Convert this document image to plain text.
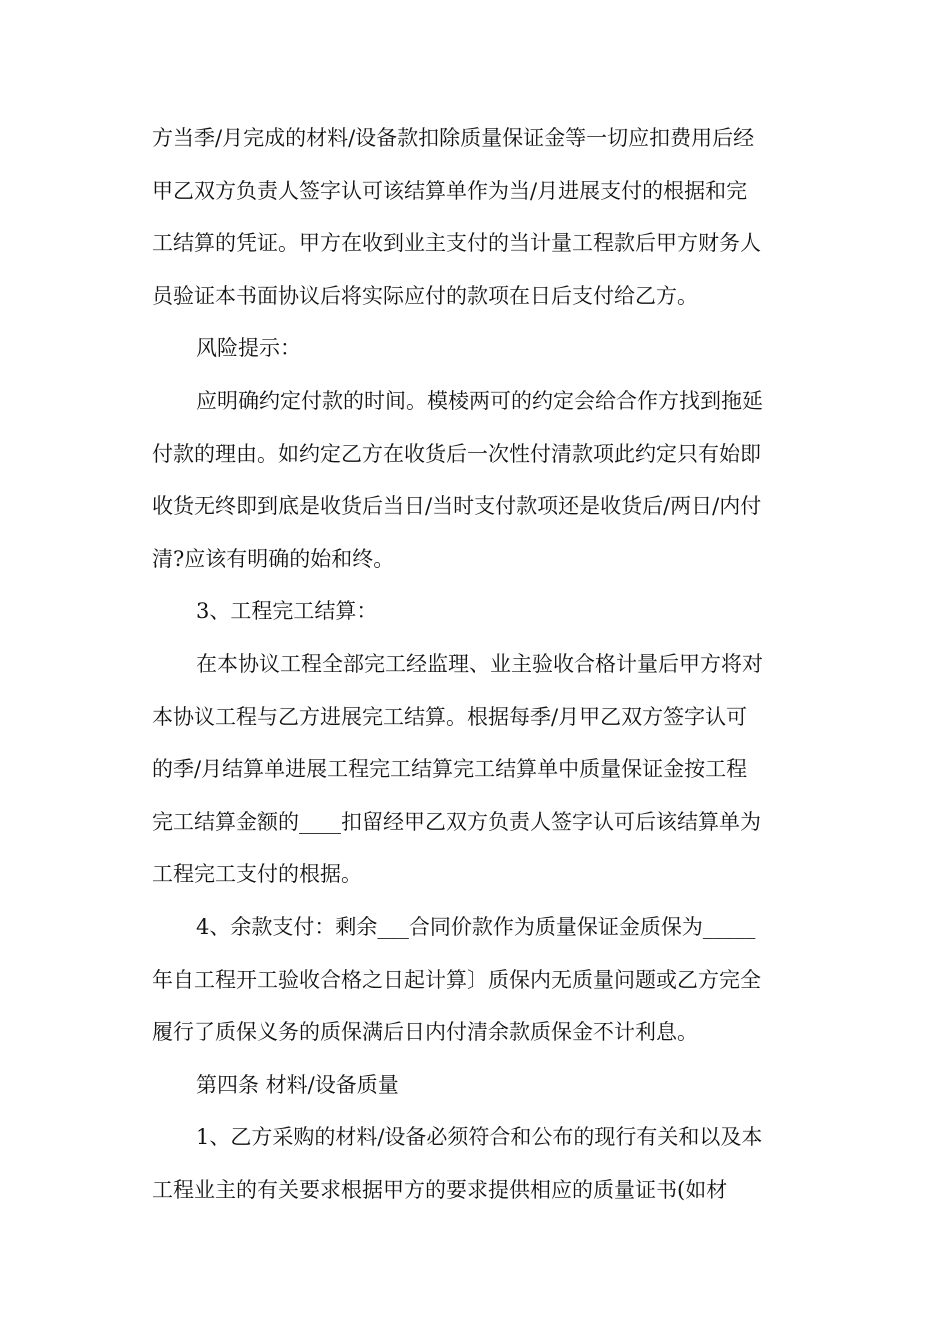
方当季/月完成的材料/设备款扣除质量保证金等一切应扣费用后经
甲乙双方负责人签字认可该结算单作为当/月进展支付的根据和完
工结算的凭证。甲方在收到业主支付的当计量工程款后甲方财务人
员验证本书面协议后将实际应付的款项在日后支付给乙方。
风险提示：
应明确约定付款的时间。模棱两可的约定会给合作方找到拖延
付款的理由。如约定乙方在收货后一次性付清款项此约定只有始即
收货无终即到底是收货后当日/当时支付款项还是收货后/两日/内付
清?应该有明确的始和终。
3、工程完工结算：
在本协议工程全部完工经监理、业主验收合格计量后甲方将对
本协议工程与乙方进展完工结算。根据每季/月甲乙双方签字认可
的季/月结算单进展工程完工结算完工结算单中质量保证金按工程
完工结算金额的____扣留经甲乙双方负责人签字认可后该结算单为
工程完工支付的根据。
4、余款支付：剩余___合同价款作为质量保证金质保为_____
年自工程开工验收合格之日起计算〕质保内无质量问题或乙方完全
履行了质保义务的质保满后日内付清余款质保金不计利息。
第四条 材料/设备质量
1、乙方采购的材料/设备必须符合和公布的现行有关和以及本
工程业主的有关要求根据甲方的要求提供相应的质量证书(如材
